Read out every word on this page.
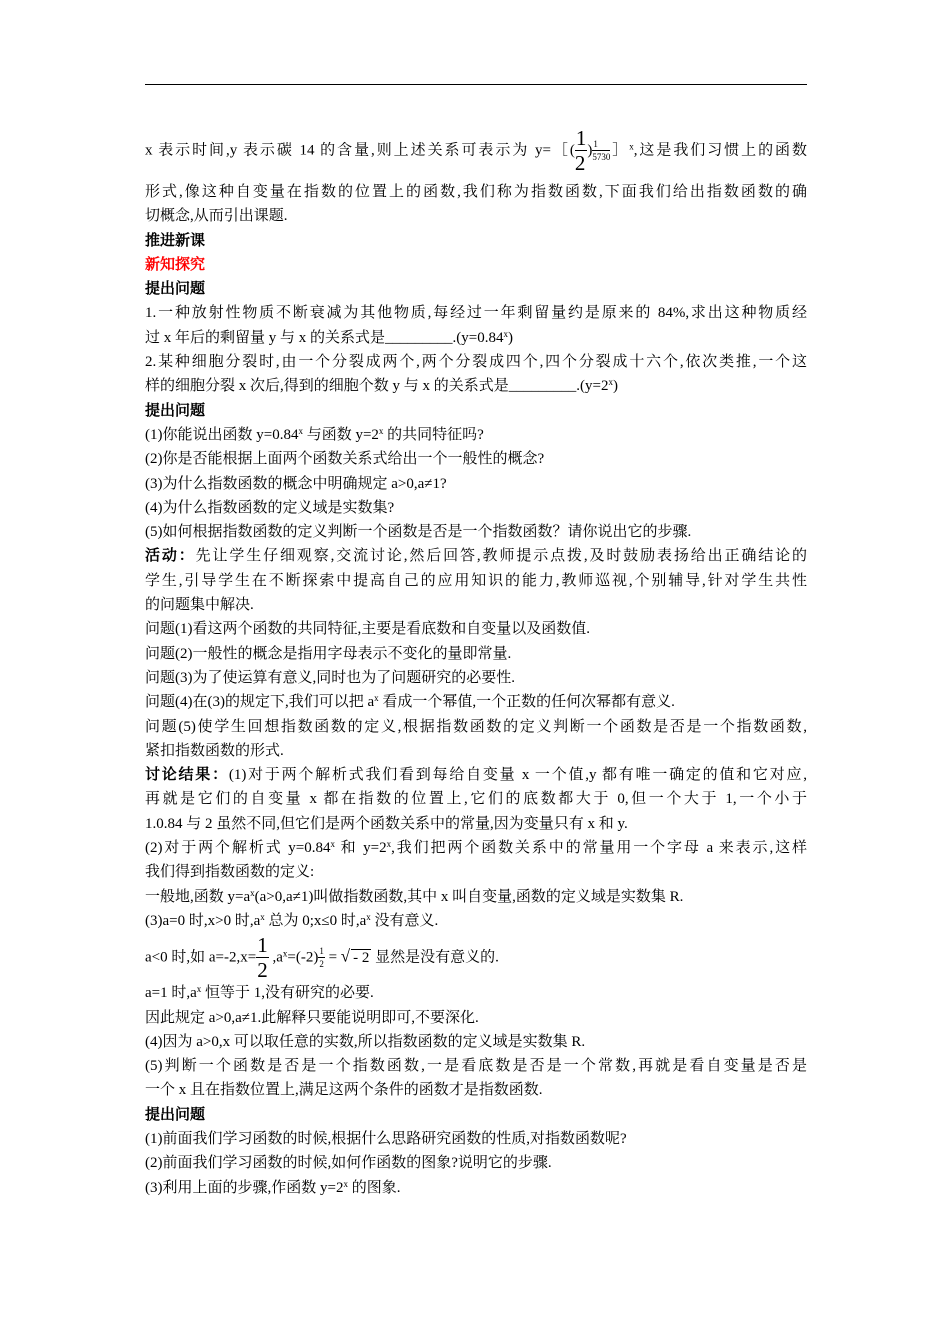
x 表示时间,y 表示碳 14 的含量,则上述关系可表示为 y=［( $\frac{1}{2}$ ) $\frac{1}{5730}$ ］$^x$,这是我们习惯上的函数

形式,像这种自变量在指数的位置上的函数,我们称为指数函数,下面我们给出指数函数的确

切概念,从而引出课题.

推进新课

新知探究

提出问题

1.一种放射性物质不断衰减为其他物质,每经过一年剩留量约是原来的 84%,求出这种物质经

过 x 年后的剩留量 y 与 x 的关系式是$\_\_\_\_\_\_\_\_\_.(y=0.84^x)$

2.某种细胞分裂时,由一个分裂成两个,两个分裂成四个,四个分裂成十六个,依次类推,一个这

样的细胞分裂 x 次后,得到的细胞个数 y 与 x 的关系式是$\_\_\_\_\_\_\_\_\_.(y=2^x)$

提出问题

(1)你能说出函数 $y=0.84^x$ 与函数 $y=2^x$ 的共同特征吗?

(2)你是否能根据上面两个函数关系式给出一个一般性的概念?

(3)为什么指数函数的概念中明确规定 a>0,a≠1?

(4)为什么指数函数的定义域是实数集?

(5)如何根据指数函数的定义判断一个函数是否是一个指数函数？请你说出它的步骤.

活动：先让学生仔细观察,交流讨论,然后回答,教师提示点拨,及时鼓励表扬给出正确结论的

学生,引导学生在不断探索中提高自己的应用知识的能力,教师巡视,个别辅导,针对学生共性

的问题集中解决.

问题(1)看这两个函数的共同特征,主要是看底数和自变量以及函数值.

问题(2)一般性的概念是指用字母表示不变化的量即常量.

问题(3)为了使运算有意义,同时也为了问题研究的必要性.

问题(4)在(3)的规定下,我们可以把 $a^x$ 看成一个幂值,一个正数的任何次幂都有意义.

问题(5)使学生回想指数函数的定义,根据指数函数的定义判断一个函数是否是一个指数函数,

紧扣指数函数的形式.

讨论结果：(1)对于两个解析式我们看到每给自变量 x 一个值,y 都有唯一确定的值和它对应,

再就是它们的自变量 x 都在指数的位置上,它们的底数都大于 0,但一个大于 1,一个小于

1.0.84 与 2 虽然不同,但它们是两个函数关系中的常量,因为变量只有 x 和 y.

(2)对于两个解析式 $y=0.84^x$ 和 $y=2^x$,我们把两个函数关系中的常量用一个字母 a 来表示,这样

我们得到指数函数的定义:

一般地,函数 $y=a^x(a>0,a\ne 1)$叫做指数函数,其中 x 叫自变量,函数的定义域是实数集 R.

(3)a=0 时,x>0 时$,a^x$ 总为 0;x≤0 时$,a^x$ 没有意义.

a<0 时,如 $a=-2,x= \frac{1}{2} ,a^x=(-2) \frac{1}{2}$ = √ - 2 显然是没有意义的.

a=1 时$,a^x$ 恒等于 1,没有研究的必要.

因此规定 a>0,a≠1.此解释只要能说明即可,不要深化.

(4)因为 a>0,x 可以取任意的实数,所以指数函数的定义域是实数集 R.

(5)判断一个函数是否是一个指数函数,一是看底数是否是一个常数,再就是看自变量是否是

一个 x 且在指数位置上,满足这两个条件的函数才是指数函数.

提出问题

(1)前面我们学习函数的时候,根据什么思路研究函数的性质,对指数函数呢?

(2)前面我们学习函数的时候,如何作函数的图象?说明它的步骤.

(3)利用上面的步骤,作函数 $y=2^x$ 的图象.
